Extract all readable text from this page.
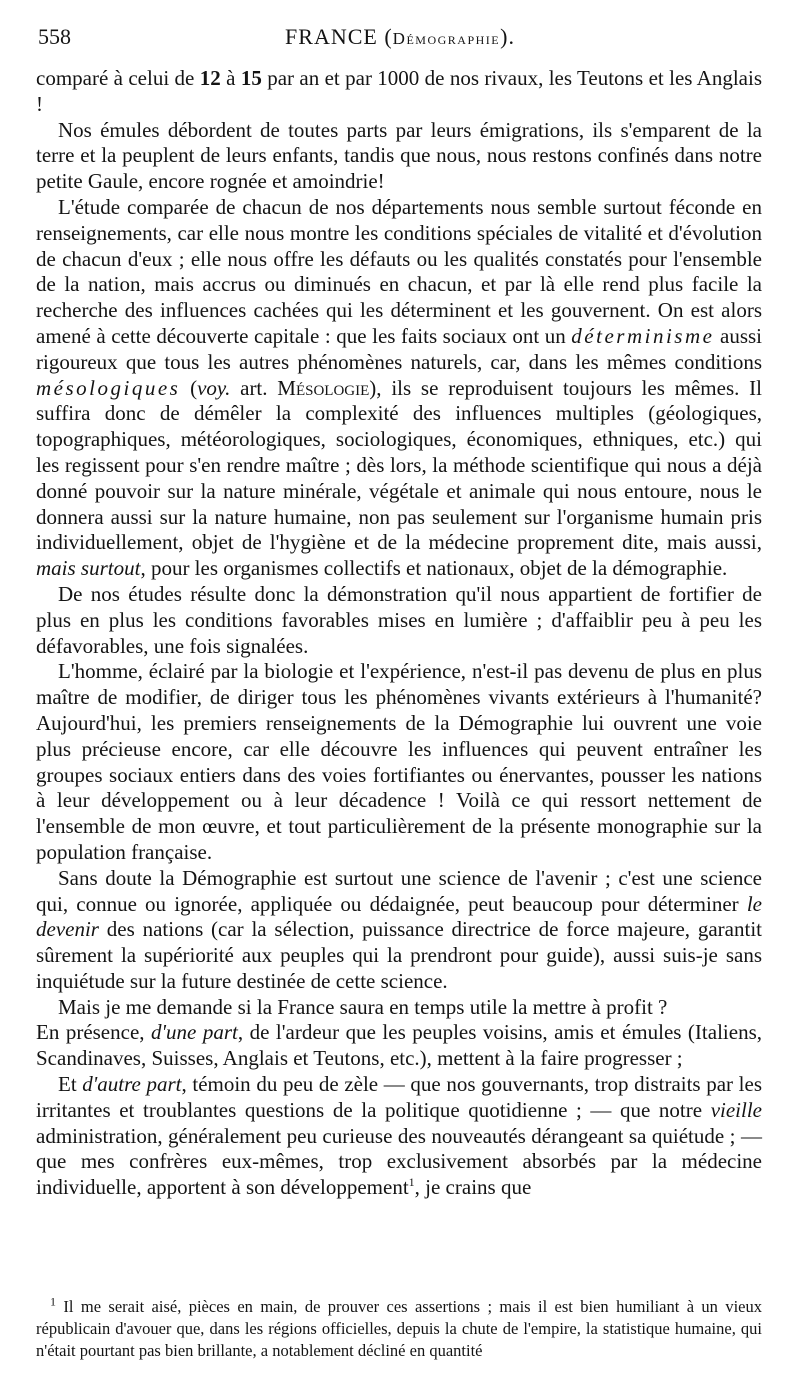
558	FRANCE (Démographie).

comparé à celui de 12 à 15 par an et par 1000 de nos rivaux, les Teutons et les Anglais !

Nos émules débordent de toutes parts par leurs émigrations, ils s'emparent de la terre et la peuplent de leurs enfants, tandis que nous, nous restons confinés dans notre petite Gaule, encore rognée et amoindrie!

L'étude comparée de chacun de nos départements nous semble surtout féconde en renseignements, car elle nous montre les conditions spéciales de vitalité et d'évolution de chacun d'eux ; elle nous offre les défauts ou les qualités constatés pour l'ensemble de la nation, mais accrus ou diminués en chacun, et par là elle rend plus facile la recherche des influences cachées qui les déterminent et les gouvernent. On est alors amené à cette découverte capitale : que les faits sociaux ont un déterminisme aussi rigoureux que tous les autres phénomènes naturels, car, dans les mêmes conditions mésologiques (voy. art. Mésologie), ils se reproduisent toujours les mêmes. Il suffira donc de démêler la complexité des influences multiples (géologiques, topographiques, météorologiques, sociologiques, économiques, ethniques, etc.) qui les regissent pour s'en rendre maître ; dès lors, la méthode scientifique qui nous a déjà donné pouvoir sur la nature minérale, végétale et animale qui nous entoure, nous le donnera aussi sur la nature humaine, non pas seulement sur l'organisme humain pris individuellement, objet de l'hygiène et de la médecine proprement dite, mais aussi, mais surtout, pour les organismes collectifs et nationaux, objet de la démographie.

De nos études résulte donc la démonstration qu'il nous appartient de fortifier de plus en plus les conditions favorables mises en lumière ; d'affaiblir peu à peu les défavorables, une fois signalées.

L'homme, éclairé par la biologie et l'expérience, n'est-il pas devenu de plus en plus maître de modifier, de diriger tous les phénomènes vivants extérieurs à l'humanité? Aujourd'hui, les premiers renseignements de la Démographie lui ouvrent une voie plus précieuse encore, car elle découvre les influences qui peuvent entraîner les groupes sociaux entiers dans des voies fortifiantes ou énervantes, pousser les nations à leur développement ou à leur décadence ! Voilà ce qui ressort nettement de l'ensemble de mon œuvre, et tout particulièrement de la présente monographie sur la population française.

Sans doute la Démographie est surtout une science de l'avenir ; c'est une science qui, connue ou ignorée, appliquée ou dédaignée, peut beaucoup pour déterminer le devenir des nations (car la sélection, puissance directrice de force majeure, garantit sûrement la supériorité aux peuples qui la prendront pour guide), aussi suis-je sans inquiétude sur la future destinée de cette science.

Mais je me demande si la France saura en temps utile la mettre à profit ?

En présence, d'une part, de l'ardeur que les peuples voisins, amis et émules (Italiens, Scandinaves, Suisses, Anglais et Teutons, etc.), mettent à la faire progresser ;

Et d'autre part, témoin du peu de zèle — que nos gouvernants, trop distraits par les irritantes et troublantes questions de la politique quotidienne ; — que notre vieille administration, généralement peu curieuse des nouveautés dérangeant sa quiétude ; — que mes confrères eux-mêmes, trop exclusivement absorbés par la médecine individuelle, apportent à son développement$^1$, je crains que

$^1$ Il me serait aisé, pièces en main, de prouver ces assertions ; mais il est bien humiliant à un vieux républicain d'avouer que, dans les régions officielles, depuis la chute de l'empire, la statistique humaine, qui n'était pourtant pas bien brillante, a notablement décliné en quantité
